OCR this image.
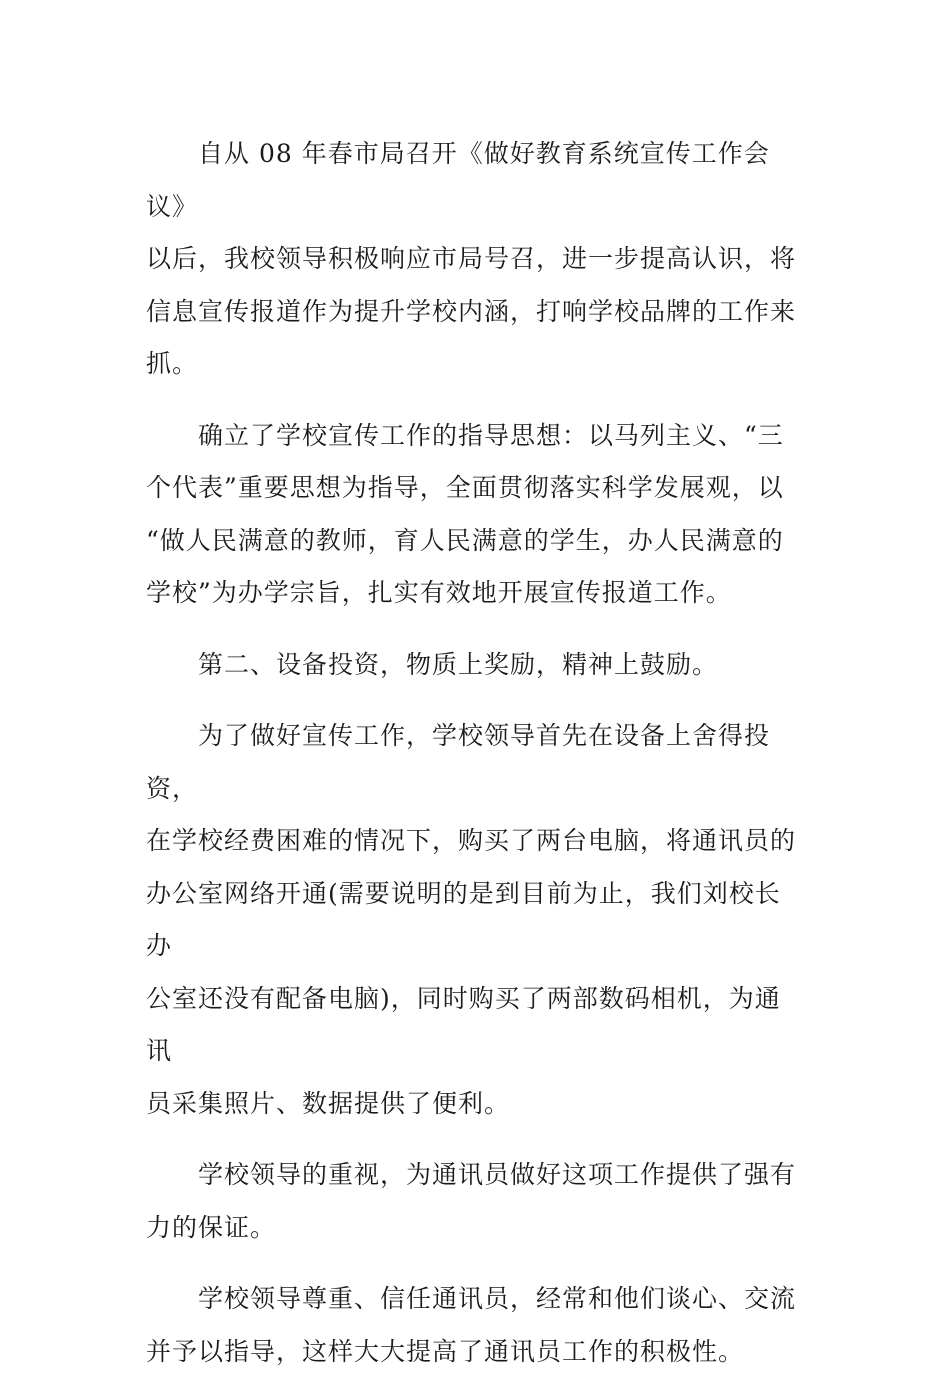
自从 08 年春市局召开《做好教育系统宣传工作会议》
以后，我校领导积极响应市局号召，进一步提高认识，将
信息宣传报道作为提升学校内涵，打响学校品牌的工作来
抓。

确立了学校宣传工作的指导思想：以马列主义、“三
个代表”重要思想为指导，全面贯彻落实科学发展观，以
“做人民满意的教师，育人民满意的学生，办人民满意的
学校”为办学宗旨，扎实有效地开展宣传报道工作。

第二、设备投资，物质上奖励，精神上鼓励。

为了做好宣传工作，学校领导首先在设备上舍得投资，
在学校经费困难的情况下，购买了两台电脑，将通讯员的
办公室网络开通(需要说明的是到目前为止，我们刘校长办
公室还没有配备电脑)，同时购买了两部数码相机，为通讯
员采集照片、数据提供了便利。

学校领导的重视，为通讯员做好这项工作提供了强有
力的保证。

学校领导尊重、信任通讯员，经常和他们谈心、交流
并予以指导，这样大大提高了通讯员工作的积极性。
